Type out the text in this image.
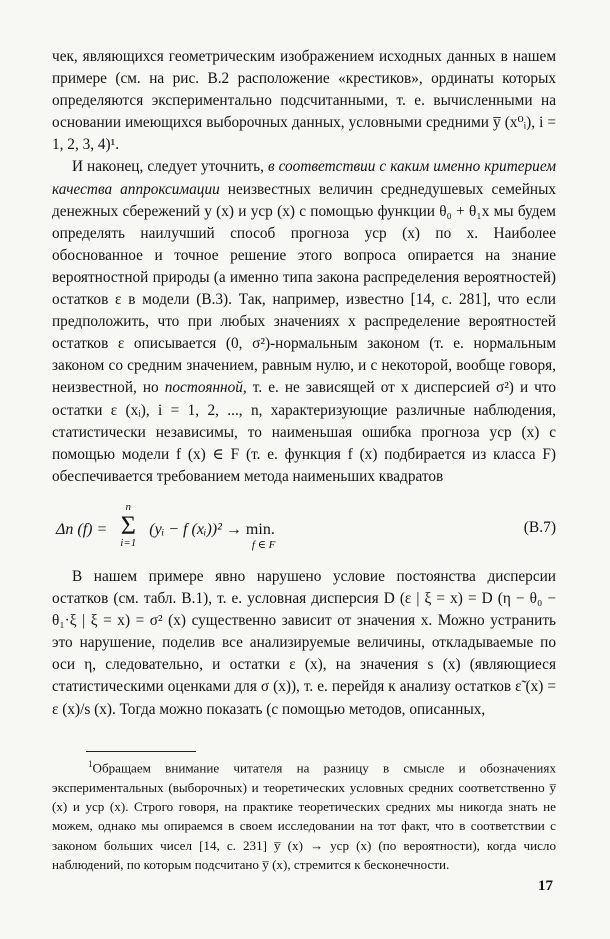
чек, являющихся геометрическим изображением исходных данных в нашем примере (см. на рис. В.2 расположение «крестиков», ординаты которых определяются экспериментально подсчитанными, т. е. вычисленными на основании имеющихся выборочных данных, условными средними y̅ (x⁰ᵢ), i = 1, 2, 3, 4)¹.

И наконец, следует уточнить, в соответствии с каким именно критерием качества аппроксимации неизвестных величин среднедушевых семейных денежных сбережений y (x) и yср (x) с помощью функции θ₀ + θ₁x мы будем определять наилучший способ прогноза yср (x) по x. Наиболее обоснованное и точное решение этого вопроса опирается на знание вероятностной природы (а именно типа закона распределения вероятностей) остатков ε в модели (В.3). Так, например, известно [14, с. 281], что если предположить, что при любых значениях x распределение вероятностей остатков ε описывается (0, σ²)-нормальным законом (т. е. нормальным законом со средним значением, равным нулю, и с некоторой, вообще говоря, неизвестной, но постоянной, т. е. не зависящей от x дисперсией σ²) и что остатки ε (xᵢ), i = 1, 2, ..., n, характеризующие различные наблюдения, статистически независимы, то наименьшая ошибка прогноза yср (x) с помощью модели f (x) ∈ F (т. е. функция f (x) подбирается из класса F) обеспечивается требованием метода наименьших квадратов

Δn (f) =
n
Σ
i=1
(yᵢ − f (xᵢ))² → min.
f ∈ F
(В.7)

В нашем примере явно нарушено условие постоянства дисперсии остатков (см. табл. В.1), т. е. условная дисперсия D (ε | ξ = x) = D (η − θ₀ − θ₁·ξ | ξ = x) = σ² (x) существенно зависит от значения x. Можно устранить это нарушение, поделив все анализируемые величины, откладываемые по оси η, следовательно, и остатки ε (x), на значения s (x) (являющиеся статистическими оценками для σ (x)), т. е. перейдя к анализу остатков ε̃ (x) = ε (x)/s (x). Тогда можно показать (с помощью методов, описанных,

$^1$Обращаем внимание читателя на разницу в смысле и обозначениях экспериментальных (выборочных) и теоретических условных средних соответственно y̅ (x) и yср (x). Строго говоря, на практике теоретических средних мы никогда знать не можем, однако мы опираемся в своем исследовании на тот факт, что в соответствии с законом больших чисел [14, с. 231] y̅ (x) → yср (x) (по вероятности), когда число наблюдений, по которым подсчитано y̅ (x), стремится к бесконечности.

17
